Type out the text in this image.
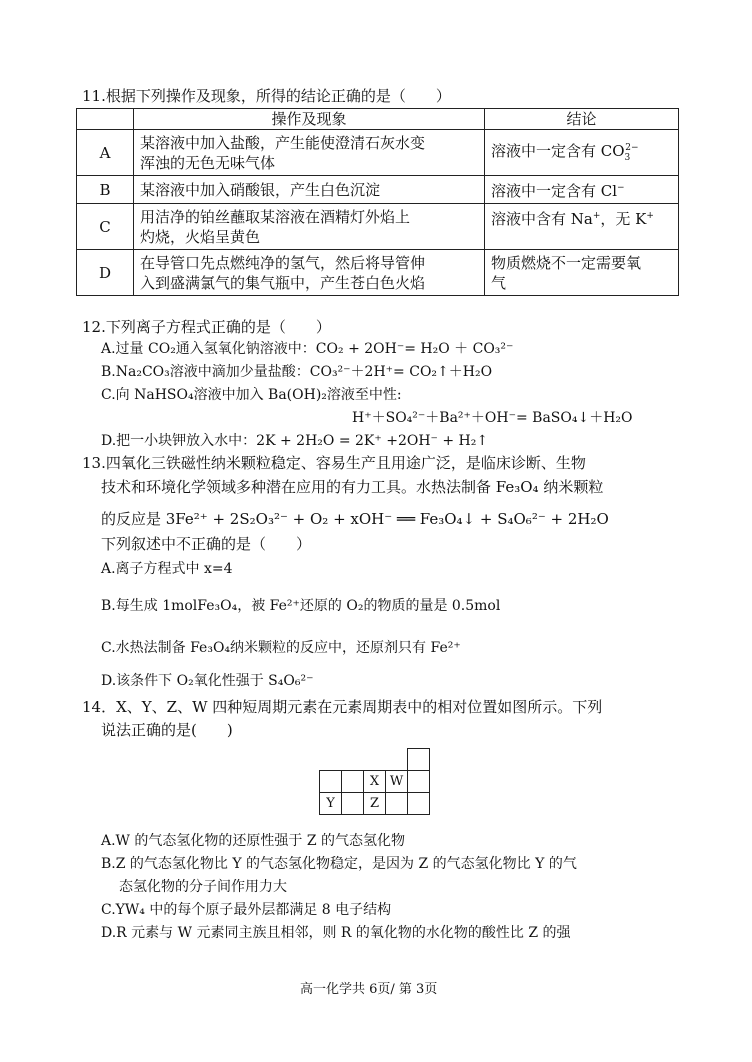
11.根据下列操作及现象，所得的结论正确的是（　　）
	操作及现象	结论
A	某溶液中加入盐酸，产生能使澄清石灰水变
浑浊的无色无味气体	溶液中一定含有 $CO_3^{2-}$
B	某溶液中加入硝酸银，产生白色沉淀	溶液中一定含有 Cl−
C	用洁净的铂丝蘸取某溶液在酒精灯外焰上
灼烧，火焰呈黄色	溶液中含有 Na+，无 K+
D	在导管口先点燃纯净的氢气，然后将导管伸
入到盛满氯气的集气瓶中，产生苍白色火焰	物质燃烧不一定需要氧
气
12.下列离子方程式正确的是（　　）
A.过量 CO₂通入氢氧化钠溶液中：CO₂ + 2OH⁻= H₂O ＋ CO₃²⁻
B.Na₂CO₃溶液中滴加少量盐酸：CO₃²⁻＋2H⁺= CO₂↑＋H₂O
C.向 NaHSO₄溶液中加入 Ba(OH)₂溶液至中性:
H⁺＋SO₄²⁻＋Ba²⁺＋OH⁻= BaSO₄↓＋H₂O
D.把一小块钾放入水中：2K + 2H₂O = 2K⁺ +2OH⁻ + H₂↑
13.四氧化三铁磁性纳米颗粒稳定、容易生产且用途广泛，是临床诊断、生物
技术和环境化学领域多种潜在应用的有力工具。水热法制备 Fe₃O₄ 纳米颗粒
的反应是 3Fe²⁺ + 2S₂O₃²⁻ + O₂ + xOH⁻ ══ Fe₃O₄↓ + S₄O₆²⁻ + 2H₂O
下列叙述中不正确的是（　　）
A.离子方程式中 x=4
B.每生成 1molFe₃O₄，被 Fe²⁺还原的 O₂的物质的量是 0.5mol
C.水热法制备 Fe₃O₄纳米颗粒的反应中，还原剂只有 Fe²⁺
D.该条件下 O₂氧化性强于 S₄O₆²⁻
14．X、Y、Z、W 四种短周期元素在元素周期表中的相对位置如图所示。下列
说法正确的是(　　)

		X	W	
Y		Z		
A.W 的气态氢化物的还原性强于 Z 的气态氢化物
B.Z 的气态氢化物比 Y 的气态氢化物稳定，是因为 Z 的气态氢化物比 Y 的气
态氢化物的分子间作用力大
C.YW₄ 中的每个原子最外层都满足 8 电子结构
D.R 元素与 W 元素同主族且相邻，则 R 的氧化物的水化物的酸性比 Z 的强
高一化学共 6页/ 第 3页
